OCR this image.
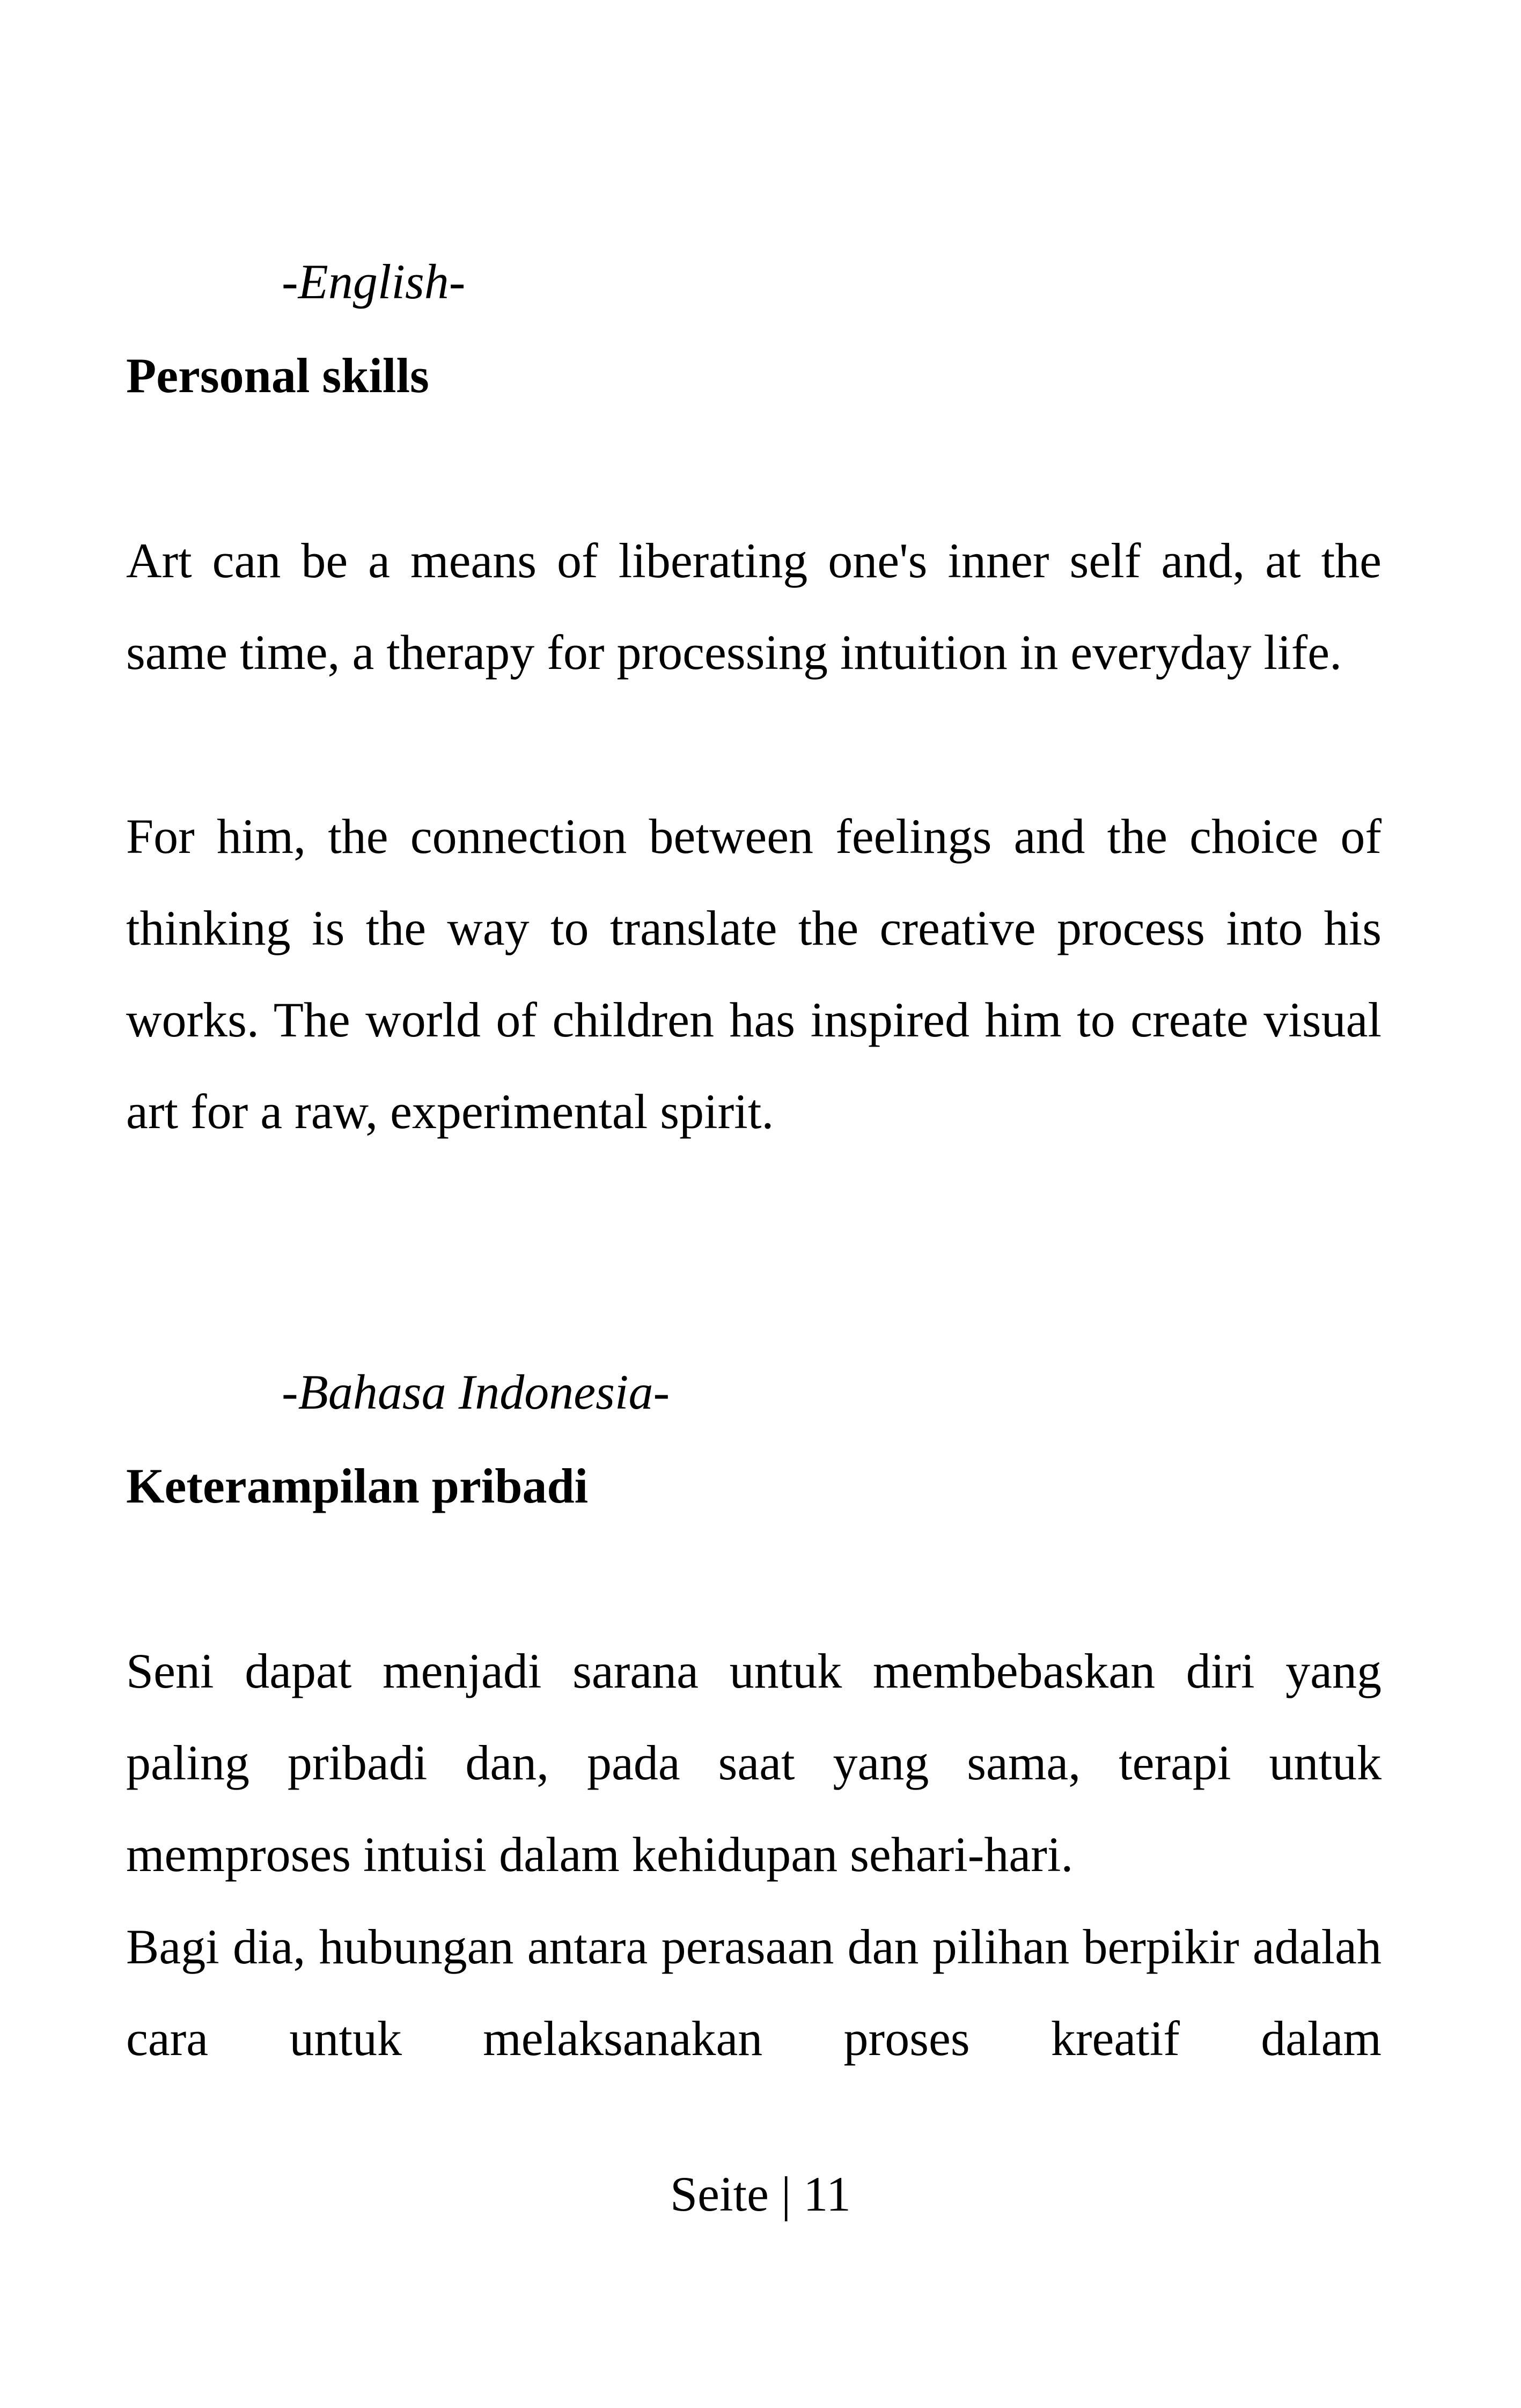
-English-
Personal skills

Art can be a means of liberating one's inner self and, at the same time, a therapy for processing intuition in everyday life.

For him, the connection between feelings and the choice of thinking is the way to translate the creative process into his works. The world of children has inspired him to create visual art for a raw, experimental spirit.

-Bahasa Indonesia-
Keterampilan pribadi

Seni dapat menjadi sarana untuk membebaskan diri yang paling pribadi dan, pada saat yang sama, terapi untuk memproses intuisi dalam kehidupan sehari-hari.

Bagi dia, hubungan antara perasaan dan pilihan berpikir adalah cara untuk melaksanakan proses kreatif dalam

Seite | 11
